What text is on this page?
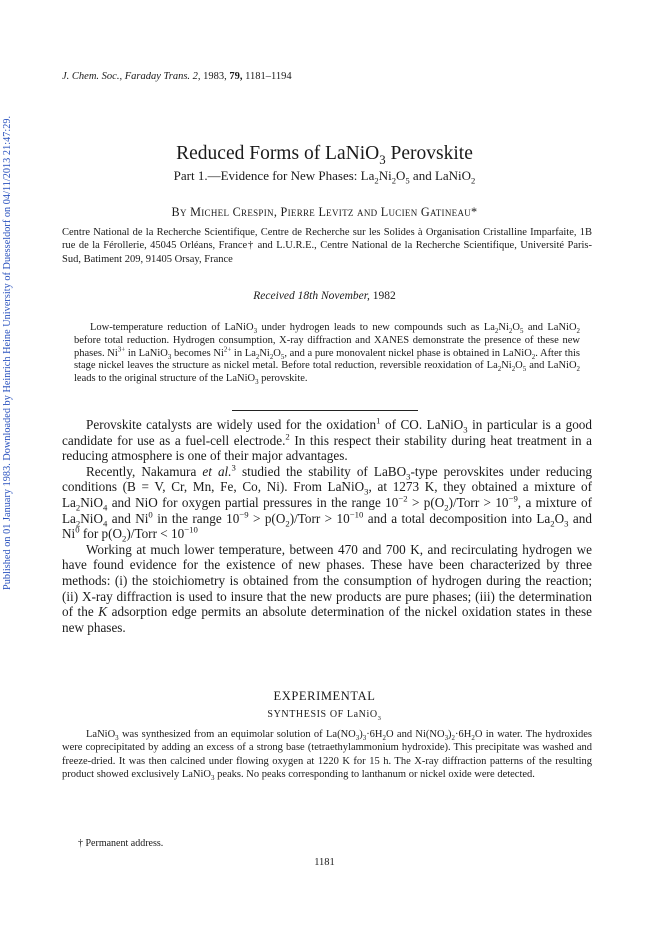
Published on 01 January 1983. Downloaded by Heinrich Heine University of Duesseldorf on 04/11/2013 21:47:29.
J. Chem. Soc., Faraday Trans. 2, 1983, 79, 1181–1194
Reduced Forms of LaNiO$_3$ Perovskite
Part 1.—Evidence for New Phases: $La_2Ni_2O_5$ and LaNiO$_2$
By Michel Crespin, Pierre Levitz and Lucien Gatineau*
Centre National de la Recherche Scientifique, Centre de Recherche sur les Solides à Organisation Cristalline Imparfaite, 1B rue de la Férollerie, 45045 Orléans, France† and L.U.R.E., Centre National de la Recherche Scientifique, Université Paris-Sud, Batiment 209, 91405 Orsay, France
Received 18th November, 1982
Low-temperature reduction of LaNiO$_3$ under hydrogen leads to new compounds such as $La_2Ni_2O_5$ and LaNiO$_2$ before total reduction. Hydrogen consumption, X-ray diffraction and XANES demonstrate the presence of these new phases. $Ni^{3+}$ in LaNiO$_3$ becomes $Ni^{2+}$ in $La_2Ni_2O_5$, and a pure monovalent nickel phase is obtained in LaNiO$_2$. After this stage nickel leaves the structure as nickel metal. Before total reduction, reversible reoxidation of $La_2Ni_2O_5$ and LaNiO$_2$ leads to the original structure of the LaNiO$_3$ perovskite.

Perovskite catalysts are widely used for the oxidation$^1$ of CO. LaNiO$_3$ in particular is a good candidate for use as a fuel-cell electrode.$^2$ In this respect their stability during heat treatment in a reducing atmosphere is one of their major advantages.

Recently, Nakamura et al.$^3$ studied the stability of LaBO$_3$-type perovskites under reducing conditions (B = V, Cr, Mn, Fe, Co, Ni). From LaNiO$_3$, at 1273 K, they obtained a mixture of $La_2NiO_4$ and NiO for oxygen partial pressures in the range $10^{-2}$ > $p(O_2)$/Torr > $10^{-9}$, a mixture of $La_2NiO_4$ and Ni$^0$ in the range $10^{-9}$ > $p(O_2)$/Torr > $10^{-10}$ and a total decomposition into $La_2O_3$ and Ni$^0$ for $p(O_2)$/Torr < $10^{-10}$

Working at much lower temperature, between 470 and 700 K, and recirculating hydrogen we have found evidence for the existence of new phases. These have been characterized by three methods: (i) the stoichiometry is obtained from the consumption of hydrogen during the reaction; (ii) X-ray diffraction is used to insure that the new products are pure phases; (iii) the determination of the K adsorption edge permits an absolute determination of the nickel oxidation states in these new phases.

EXPERIMENTAL
SYNTHESIS OF LaNiO$_3$

LaNiO$_3$ was synthesized from an equimolar solution of $La(NO_3)_3\cdot 6H_2O$ and $Ni(NO_3)_2\cdot 6H_2O$ in water. The hydroxides were coprecipitated by adding an excess of a strong base (tetraethylammonium hydroxide). This precipitate was washed and freeze-dried. It was then calcined under flowing oxygen at 1220 K for 15 h. The X-ray diffraction patterns of the resulting product showed exclusively LaNiO$_3$ peaks. No peaks corresponding to lanthanum or nickel oxide were detected.

† Permanent address.
1181
